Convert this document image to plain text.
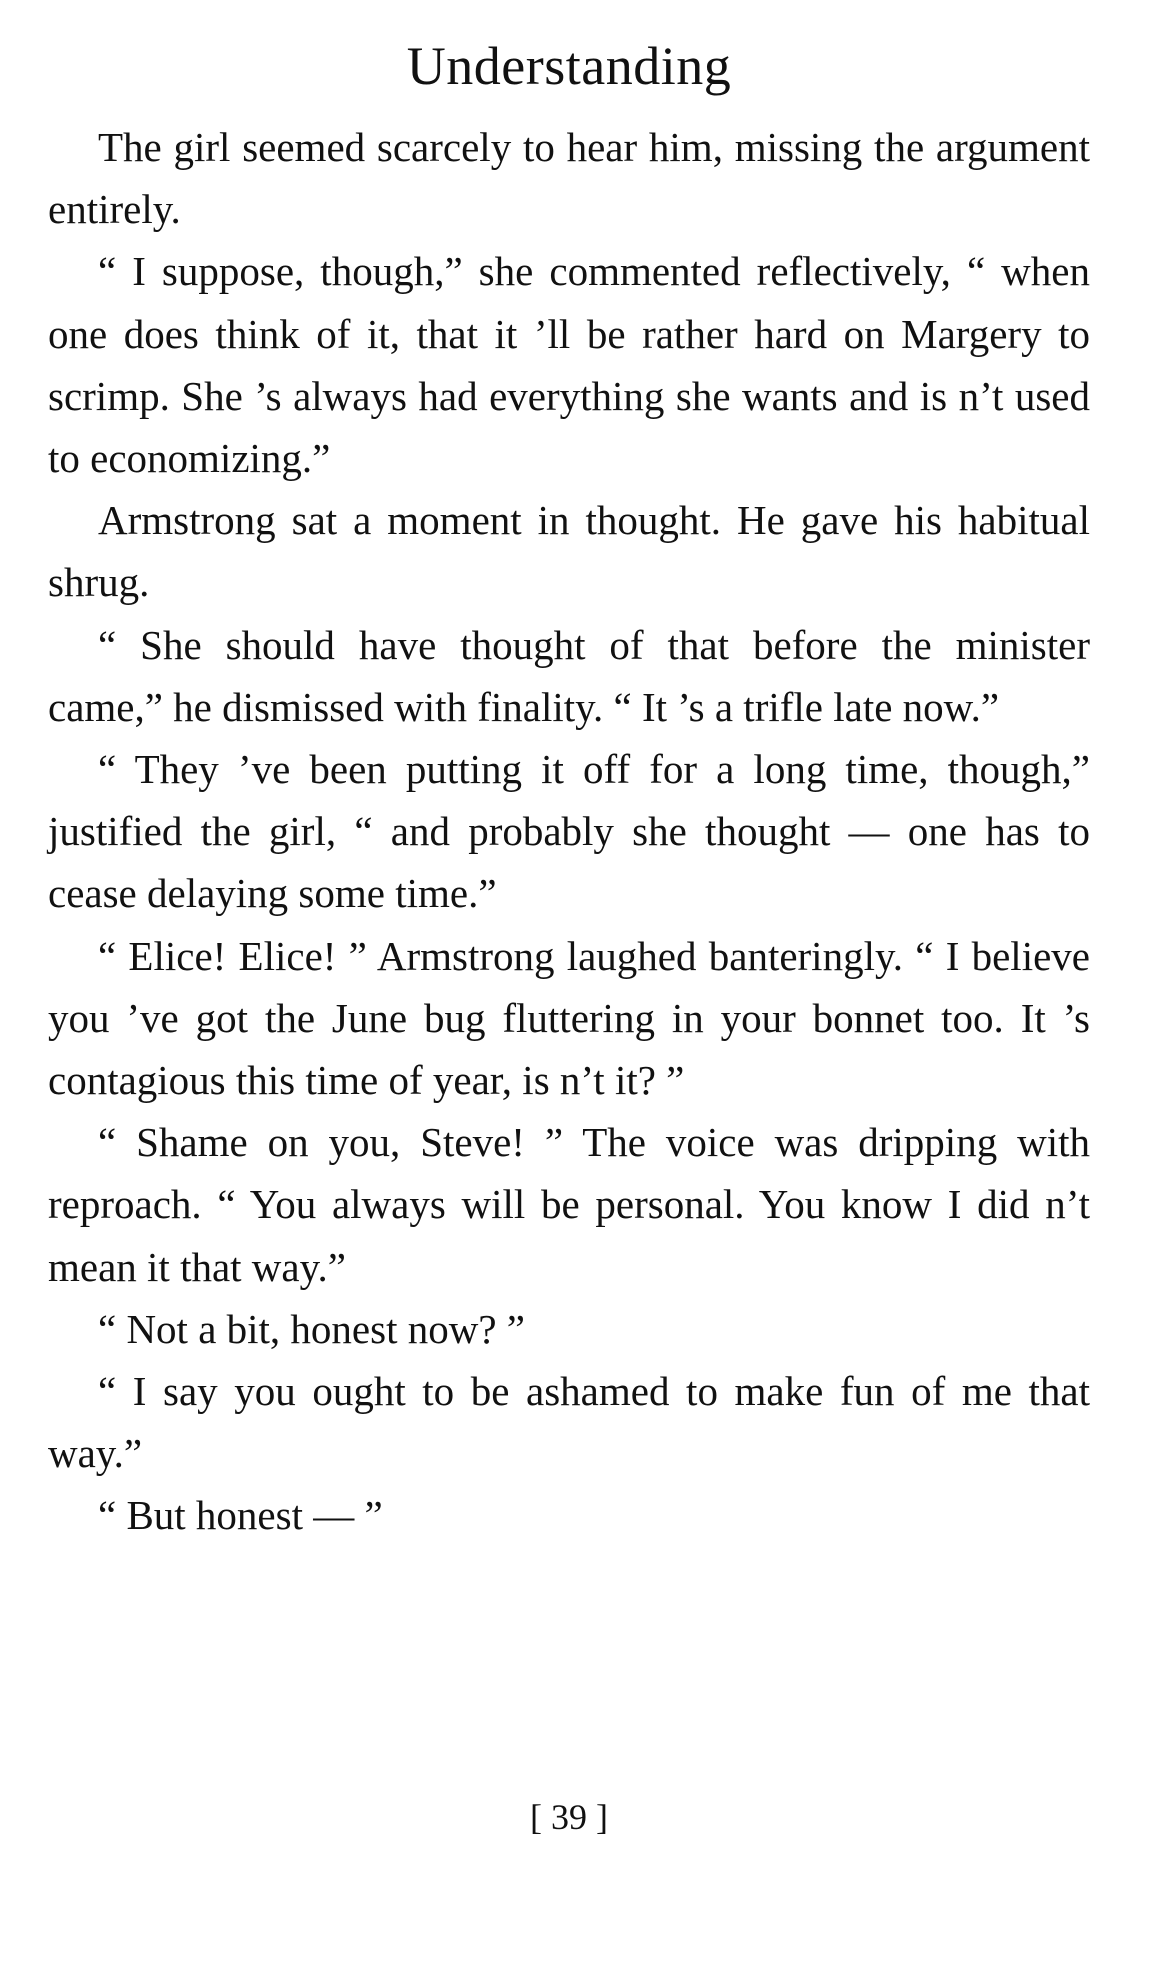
Understanding

The girl seemed scarcely to hear him, missing the argument entirely.

“ I suppose, though,” she commented reflectively, “ when one does think of it, that it ’ll be rather hard on Margery to scrimp. She ’s always had everything she wants and is n’t used to economizing.”

Armstrong sat a moment in thought. He gave his habitual shrug.

“ She should have thought of that before the minister came,” he dismissed with finality. “ It ’s a trifle late now.”

“ They ’ve been putting it off for a long time, though,” justified the girl, “ and probably she thought — one has to cease delaying some time.”

“ Elice! Elice! ” Armstrong laughed banteringly. “ I believe you ’ve got the June bug fluttering in your bonnet too. It ’s contagious this time of year, is n’t it? ”

“ Shame on you, Steve! ” The voice was dripping with reproach. “ You always will be personal. You know I did n’t mean it that way.”

“ Not a bit, honest now? ”

“ I say you ought to be ashamed to make fun of me that way.”

“ But honest — ”

[ 39 ]
